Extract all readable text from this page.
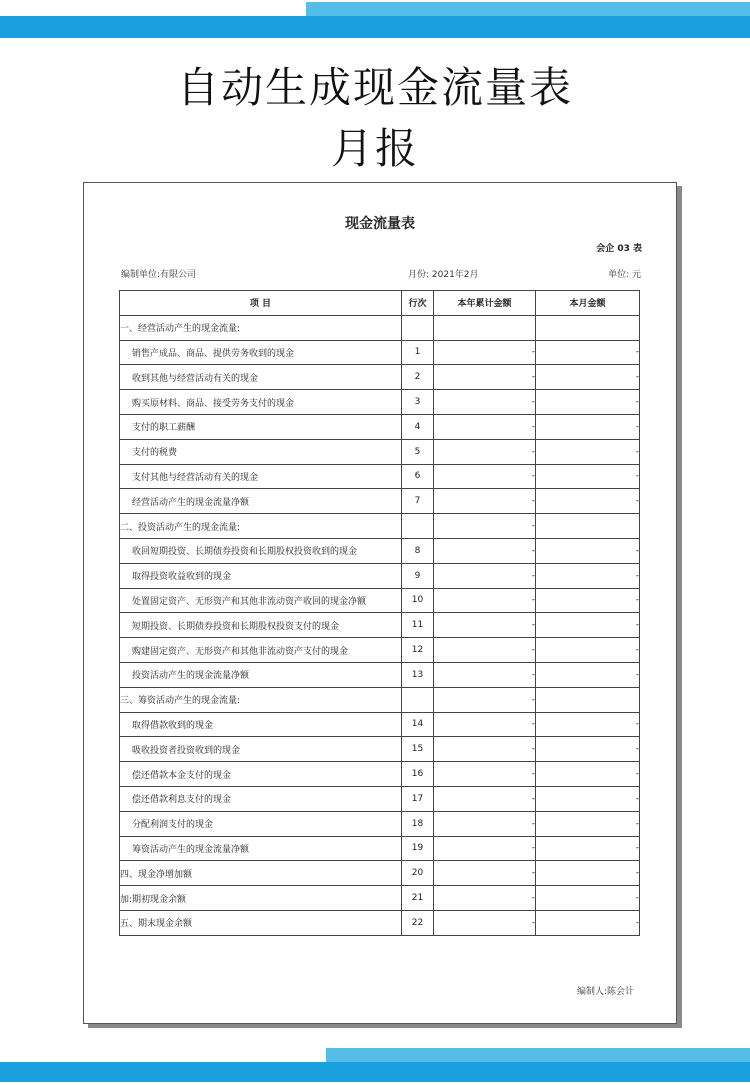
自动生成现金流量表
月报
现金流量表
会企 03 表
编制单位:有限公司	月份: 2021年2月	单位: 元
项 目	行次	本年累计金额	本月金额
一、经营活动产生的现金流量:			
销售产成品、商品、提供劳务收到的现金	1	-	-
收到其他与经营活动有关的现金	2	-	-
购买原材料、商品、接受劳务支付的现金	3	-	-
支付的职工薪酬	4	-	-
支付的税费	5	-	-
支付其他与经营活动有关的现金	6	-	-
经营活动产生的现金流量净额	7	-	-
二、投资活动产生的现金流量:		-	
收回短期投资、长期债券投资和长期股权投资收到的现金	8	-	-
取得投资收益收到的现金	9	-	-
处置固定资产、无形资产和其他非流动资产收回的现金净额	10	-	-
短期投资、长期债券投资和长期股权投资支付的现金	11	-	-
购建固定资产、无形资产和其他非流动资产支付的现金	12	-	-
投资活动产生的现金流量净额	13	-	-
三、筹资活动产生的现金流量:		-	
取得借款收到的现金	14	-	-
吸收投资者投资收到的现金	15	-	-
偿还借款本金支付的现金	16	-	-
偿还借款利息支付的现金	17	-	-
分配利润支付的现金	18	-	-
筹资活动产生的现金流量净额	19	-	-
四、现金净增加额	20	-	-
加:期初现金余额	21	-	-
五、期末现金余额	22	-	-
编制人:陈会计
